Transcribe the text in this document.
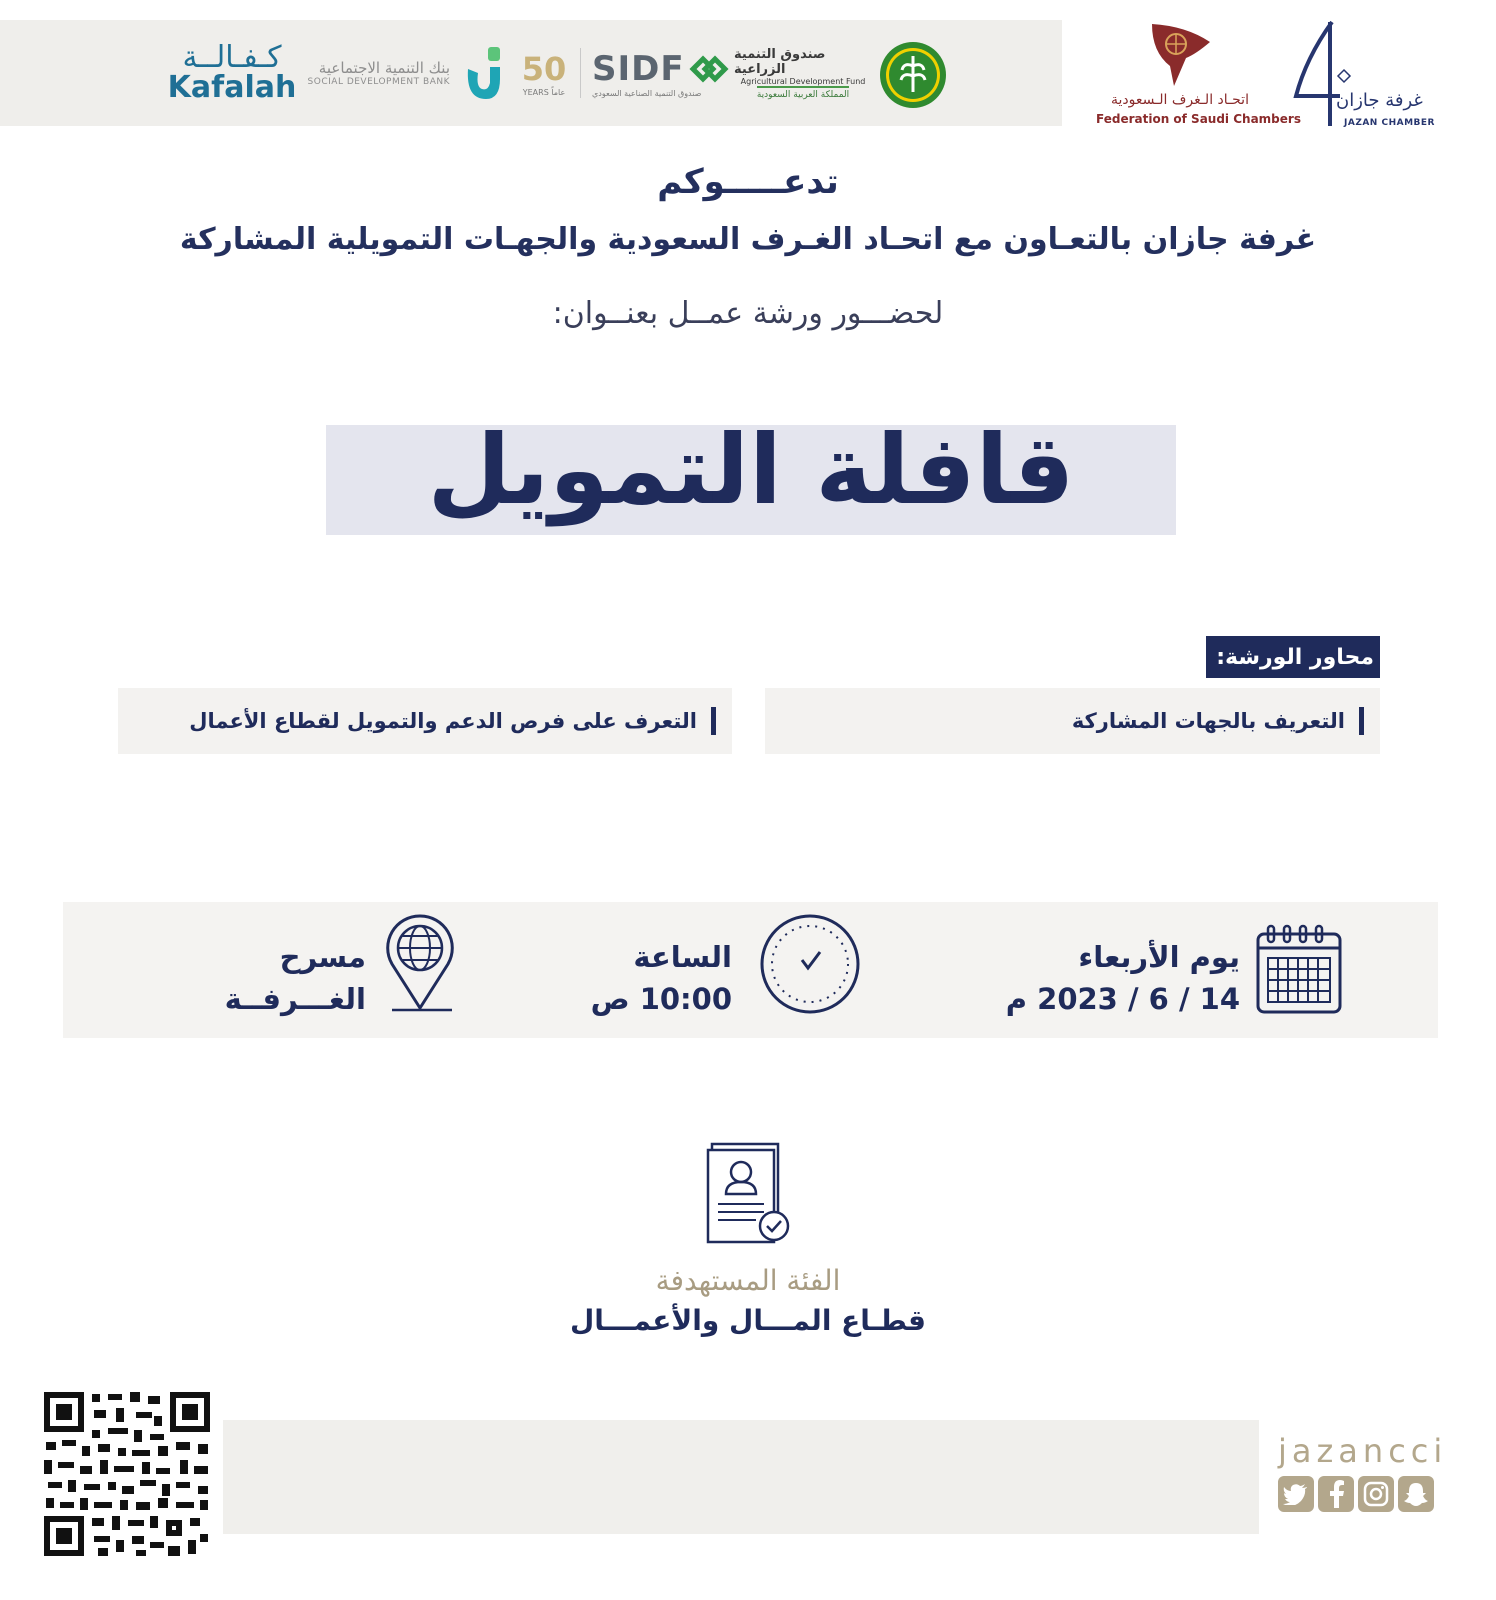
كـفـالــة
Kafalah
بنك التنمية الاجتماعية
SOCIAL DEVELOPMENT BANK 50
YEARS عاماً
SIDF
صندوق التنمية الصناعية السعودي
صندوق التنمية الزراعية
Agricultural Development Fund
المملكة العربية السعودية	اتحـاد الـغرف الـسعودية
Federation of Saudi Chambers
غرفة جازان
JAZAN CHAMBER
تدعـــــوكم
غرفة جازان بالتعـاون مع اتحـاد الغـرف السعودية والجهـات التمويلية المشاركة
لحضـــور ورشة عمــل بعنــوان:
قافلة التمويل
محاور الورشة:
التعريف بالجهات المشاركة
التعرف على فرص الدعم والتمويل لقطاع الأعمال
يوم الأربعاء
14 / 6 / 2023 م
الساعة
10:00 ص
مسرح
الغـــرفــة
الفئة المستهدفة
قطـاع المـــال والأعمـــال
jazancci
